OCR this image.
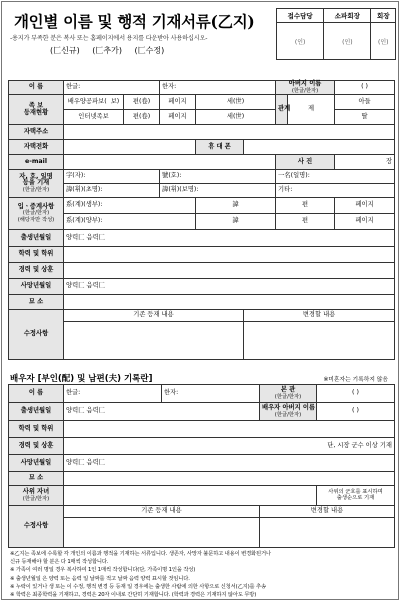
개인별 이름 및 행적 기재서류(乙지)
-용지가 부족한 분은 복사 또는 홈페이지에서 용지를 다운받아 사용하십시오-
(匚신규) (匚추가) (匚수정)
접수담당	소파회장	회장
(인)	(인)	(인)
이 름	한글:		한자:			아버지 이름
(한글/한자)		( )
족 보
등재현황	배우양공파보( 보)	편(卷)	페이지	세(世)		관계	제	아들
	인터넷족보	편(卷)	페이지	세(世)				딸
자택주소								
자택전화				휴 대 폰				
e-mail						사 진		장
자, 호, 일명
등을 기재
(한글/한자)	字(자):		號(호):			一名(일명):		
	諱(휘)(초명):		諱(휘)(보명):			기타:		
입ㆍ증계사항
(한글/한자)
(해당자만 작성)	系(계)(생부):			諱		편		페이지
	系(계)(양부):			諱		편		페이지
출생년월일	양력匚 음력匚							
학력 및 학위								
경력 및 상훈								
사망년월일	양력匚 음력匚							
묘 소								
수정사항	기존 등재 내용				변경할 내용			

배우자 [부인(配) 및 남편(夫) 기록란]	※미혼자는 기록하지 않음
이 름	한글:	한자:	본 관
(한글/한자)	( )
출생년월일	양력匚 음력匚		배우자 아버지 이름
(한글/한자)	( )
학력 및 학위				
경력 및 상훈	단, 시장 군수 이상 기재			
사망년월일	양력匚 음력匚			
묘 소				
사위 자녀
(한글/한자)				사위의 군호를 표시하며
출생순으로 기재
수정사항	기존 등재 내용		변경할 내용	

※乙지는 족보에 수록할 각 개인의 이름과 행적을 기재하는 서류입니다. 생존자, 사망자 불문하고 내용이 변경화된거나
신규 등재해야 할 분은 다 1매씩 작성합니다.
※ 가족이 여러 명일 경우 복사하여 1인 1매씩 작성합니다(단, 가족이명 1인을 작성)
※ 출생년월일 은 양력 또는 음력 일 날짜를 적고 날짜 음력 양력 표시할 것임니다.
※ 누락이 있거나 생 또는 이 수정, 행적 변경 등 등재 일 경우에는 출생한 사람에 의한 사항으로 신청서(乙지)를 추송
※ 학력은 최종학력을 기재하고, 경력은 20자 이내로 간단히 기재합니다. (학력과 경력은 기재하지 않아도 무방)
